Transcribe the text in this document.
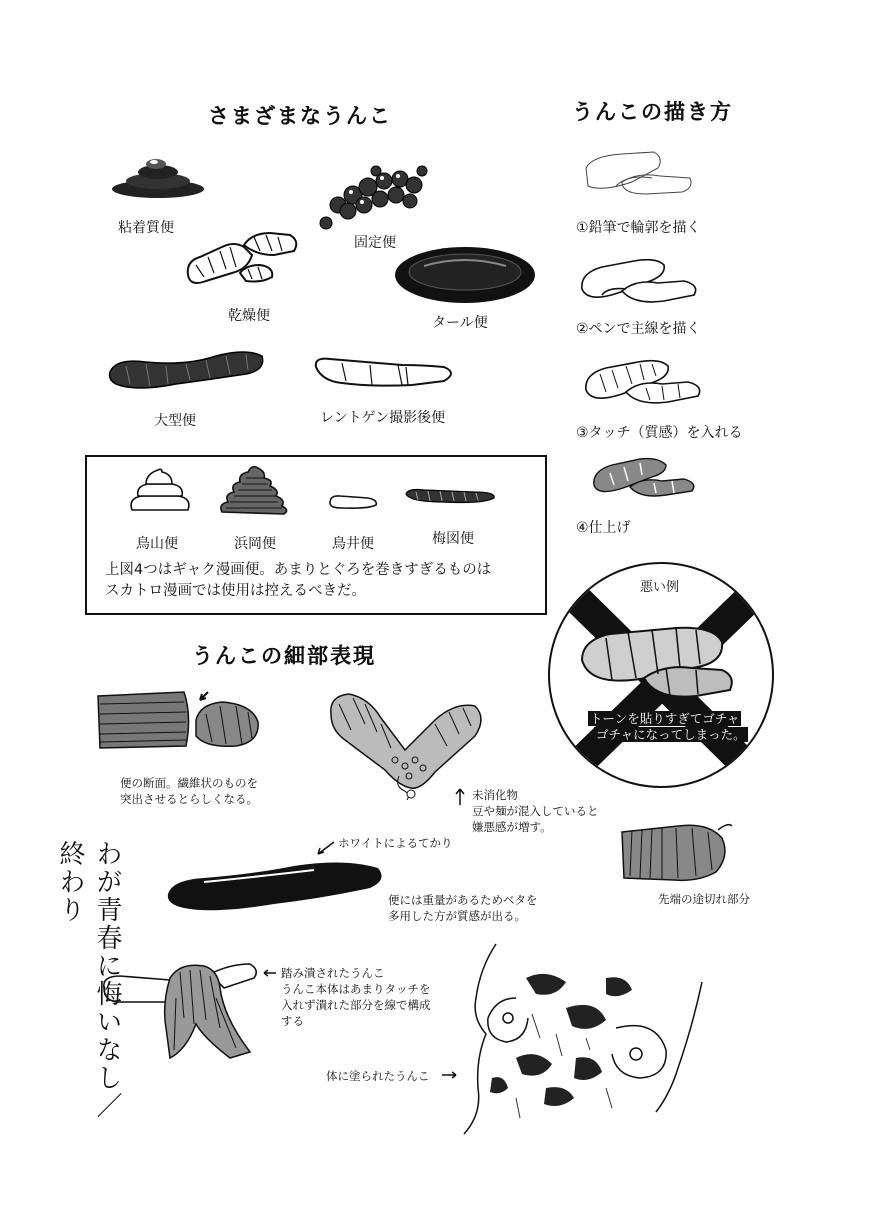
さまざまなうんこ	うんこの描き方
うんこの細部表現
粘着質便
固定便
乾燥便	タール便
大型便	レントゲン撮影後便
鳥山便	浜岡便	鳥井便	梅図便
上図4つはギャク漫画便。あまりとぐろを巻きすぎるものは
スカトロ漫画では使用は控えるべきだ。
①鉛筆で輪郭を描く
②ペンで主線を描く
③タッチ（質感）を入れる
④仕上げ
悪い例
トーンを貼りすぎてゴチャ
ゴチャになってしまった。
便の断面。繊維状のものを
突出させるとらしくなる。	未消化物
豆や麺が混入していると
嫌悪感が増す。
ホワイトによるてかり
便には重量があるためベタを
多用した方が質感が出る。
先端の途切れ部分
踏み潰されたうんこ
うんこ本体はあまりタッチを
入れず潰れた部分を線で構成
する
体に塗られたうんこ
わが青春に悔いなし／終わり
